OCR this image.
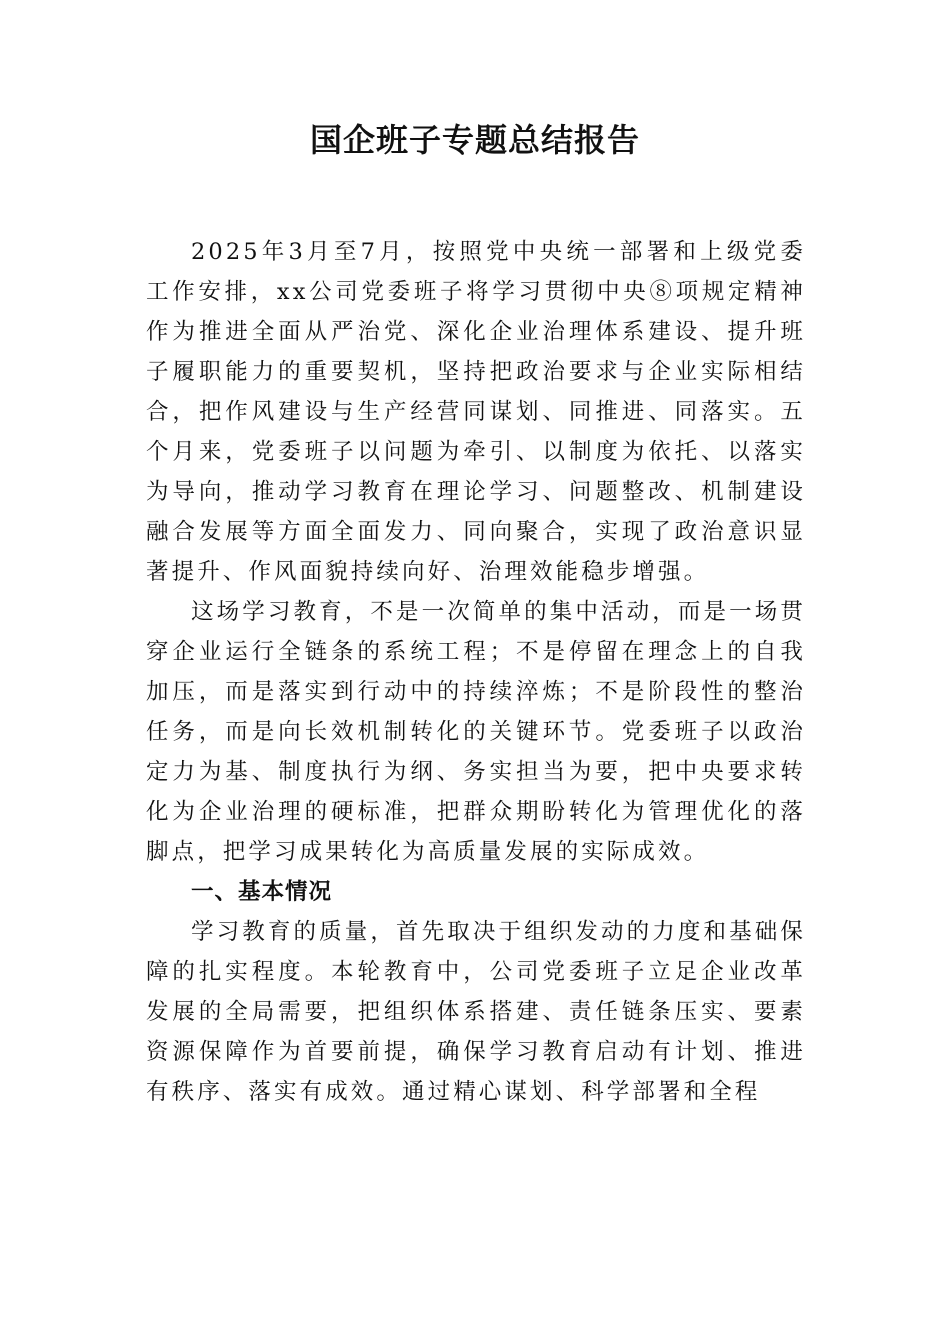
国企班子专题总结报告

2025年3月至7月，按照党中央统一部署和上级党委工作安排，xx公司党委班子将学习贯彻中央⑧项规定精神作为推进全面从严治党、深化企业治理体系建设、提升班子履职能力的重要契机，坚持把政治要求与企业实际相结合，把作风建设与生产经营同谋划、同推进、同落实。五个月来，党委班子以问题为牵引、以制度为依托、以落实为导向，推动学习教育在理论学习、问题整改、机制建设融合发展等方面全面发力、同向聚合，实现了政治意识显著提升、作风面貌持续向好、治理效能稳步增强。

这场学习教育，不是一次简单的集中活动，而是一场贯穿企业运行全链条的系统工程；不是停留在理念上的自我加压，而是落实到行动中的持续淬炼；不是阶段性的整治任务，而是向长效机制转化的关键环节。党委班子以政治定力为基、制度执行为纲、务实担当为要，把中央要求转化为企业治理的硬标准，把群众期盼转化为管理优化的落脚点，把学习成果转化为高质量发展的实际成效。

一、基本情况

学习教育的质量，首先取决于组织发动的力度和基础保障的扎实程度。本轮教育中，公司党委班子立足企业改革发展的全局需要，把组织体系搭建、责任链条压实、要素资源保障作为首要前提，确保学习教育启动有计划、推进有秩序、落实有成效。通过精心谋划、科学部署和全程
